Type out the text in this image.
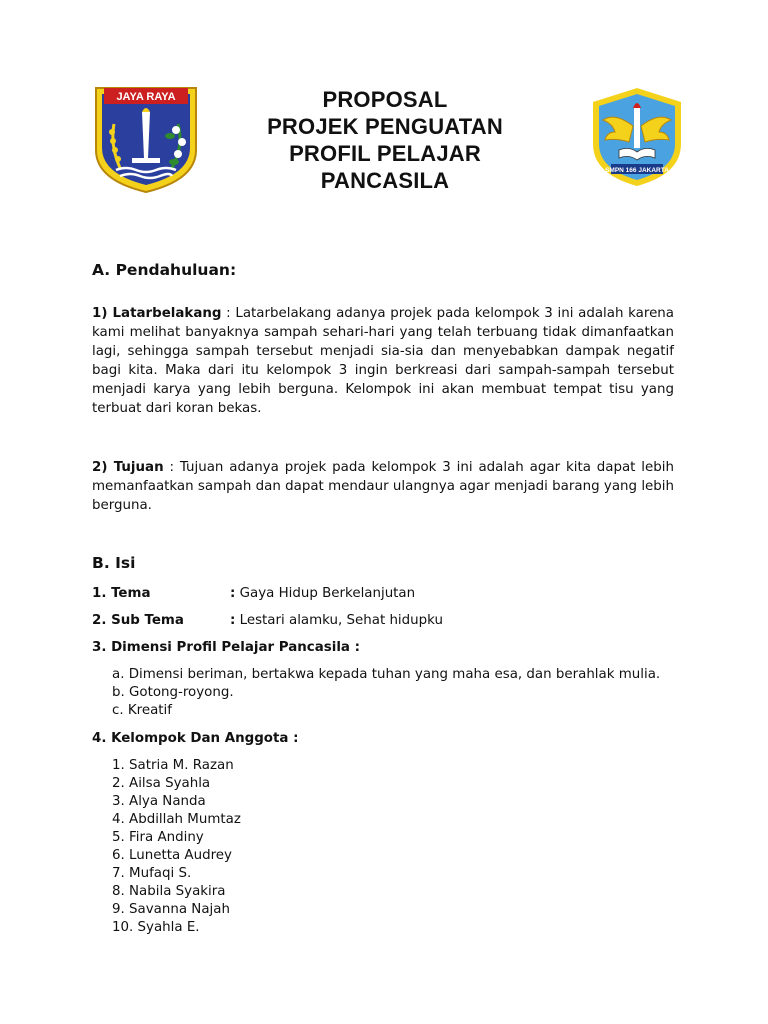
JAYA RAYA	PROPOSAL
PROJEK PENGUATAN
PROFIL PELAJAR
PANCASILA	SMPN 166 JAKARTA
A. Pendahuluan:
1) Latarbelakang : Latarbelakang adanya projek pada kelompok 3 ini adalah karena kami melihat banyaknya sampah sehari-hari yang telah terbuang tidak dimanfaatkan lagi, sehingga sampah tersebut menjadi sia-sia dan menyebabkan dampak negatif bagi kita. Maka dari itu kelompok 3 ingin berkreasi dari sampah-sampah tersebut menjadi karya yang lebih berguna. Kelompok ini akan membuat tempat tisu yang terbuat dari koran bekas.
2) Tujuan : Tujuan adanya projek pada kelompok 3 ini adalah agar kita dapat lebih memanfaatkan sampah dan dapat mendaur ulangnya agar menjadi barang yang lebih berguna.
B. Isi
1. Tema	: Gaya Hidup Berkelanjutan
2. Sub Tema	: Lestari alamku, Sehat hidupku
3. Dimensi Profil Pelajar Pancasila :
a. Dimensi beriman, bertakwa kepada tuhan yang maha esa, dan berahlak mulia.
b. Gotong-royong.
c. Kreatif
4. Kelompok Dan Anggota :
1. Satria M. Razan
2. Ailsa Syahla
3. Alya Nanda
4. Abdillah Mumtaz
5. Fira Andiny
6. Lunetta Audrey
7. Mufaqi S.
8. Nabila Syakira
9. Savanna Najah
10. Syahla E.
